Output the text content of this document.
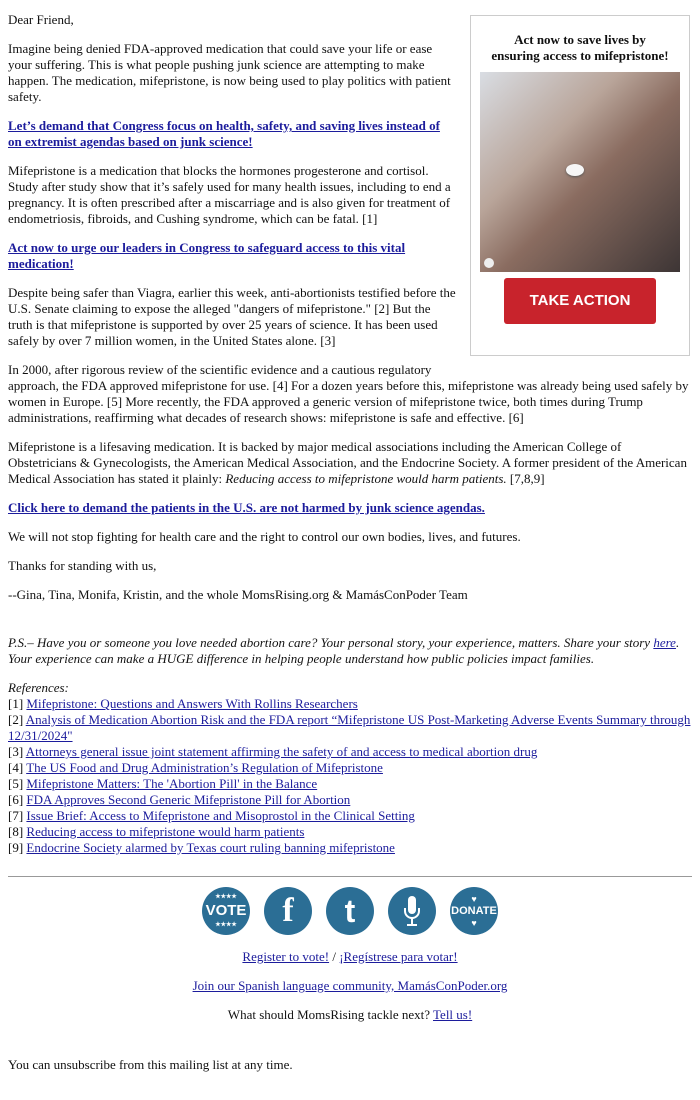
Act now to save lives by ensuring access to mifepristone!
TAKE ACTION

Dear Friend,

Imagine being denied FDA-approved medication that could save your life or ease your suffering. This is what people pushing junk science are attempting to make happen. The medication, mifepristone, is now being used to play politics with patient safety.

Let’s demand that Congress focus on health, safety, and saving lives instead of on extremist agendas based on junk science!

Mifepristone is a medication that blocks the hormones progesterone and cortisol. Study after study show that it’s safely used for many health issues, including to end a pregnancy. It is often prescribed after a miscarriage and is also given for treatment of endometriosis, fibroids, and Cushing syndrome, which can be fatal. [1]

Act now to urge our leaders in Congress to safeguard access to this vital medication!

Despite being safer than Viagra, earlier this week, anti-abortionists testified before the U.S. Senate claiming to expose the alleged "dangers of mifepristone." [2] But the truth is that mifepristone is supported by over 25 years of science. It has been used safely by over 7 million women, in the United States alone. [3]

In 2000, after rigorous review of the scientific evidence and a cautious regulatory approach, the FDA approved mifepristone for use. [4] For a dozen years before this, mifepristone was already being used safely by women in Europe. [5] More recently, the FDA approved a generic version of mifepristone twice, both times during Trump administrations, reaffirming what decades of research shows: mifepristone is safe and effective. [6]

Mifepristone is a lifesaving medication. It is backed by major medical associations including the American College of Obstetricians & Gynecologists, the American Medical Association, and the Endocrine Society. A former president of the American Medical Association has stated it plainly: Reducing access to mifepristone would harm patients. [7,8,9]

Click here to demand the patients in the U.S. are not harmed by junk science agendas.

We will not stop fighting for health care and the right to control our own bodies, lives, and futures.

Thanks for standing with us,

--Gina, Tina, Monifa, Kristin, and the whole MomsRising.org & MamásConPoder Team

P.S.– Have you or someone you love needed abortion care? Your personal story, your experience, matters. Share your story here. Your experience can make a HUGE difference in helping people understand how public policies impact families.

References:
[1] Mifepristone: Questions and Answers With Rollins Researchers
[2] Analysis of Medication Abortion Risk and the FDA report “Mifepristone US Post-Marketing Adverse Events Summary through 12/31/2024"
[3] Attorneys general issue joint statement affirming the safety of and access to medical abortion drug
[4] The US Food and Drug Administration’s Regulation of Mifepristone
[5] Mifepristone Matters: The 'Abortion Pill' in the Balance
[6] FDA Approves Second Generic Mifepristone Pill for Abortion
[7] Issue Brief: Access to Mifepristone and Misoprostol in the Clinical Setting
[8] Reducing access to mifepristone would harm patients
[9] Endocrine Society alarmed by Texas court ruling banning mifepristone
★★★★
VOTE
★★★★	f	t	♥
DONATE
♥

Register to vote! / ¡Regístrese para votar!

Join our Spanish language community, MamásConPoder.org

What should MomsRising tackle next? Tell us!

You can unsubscribe from this mailing list at any time.
